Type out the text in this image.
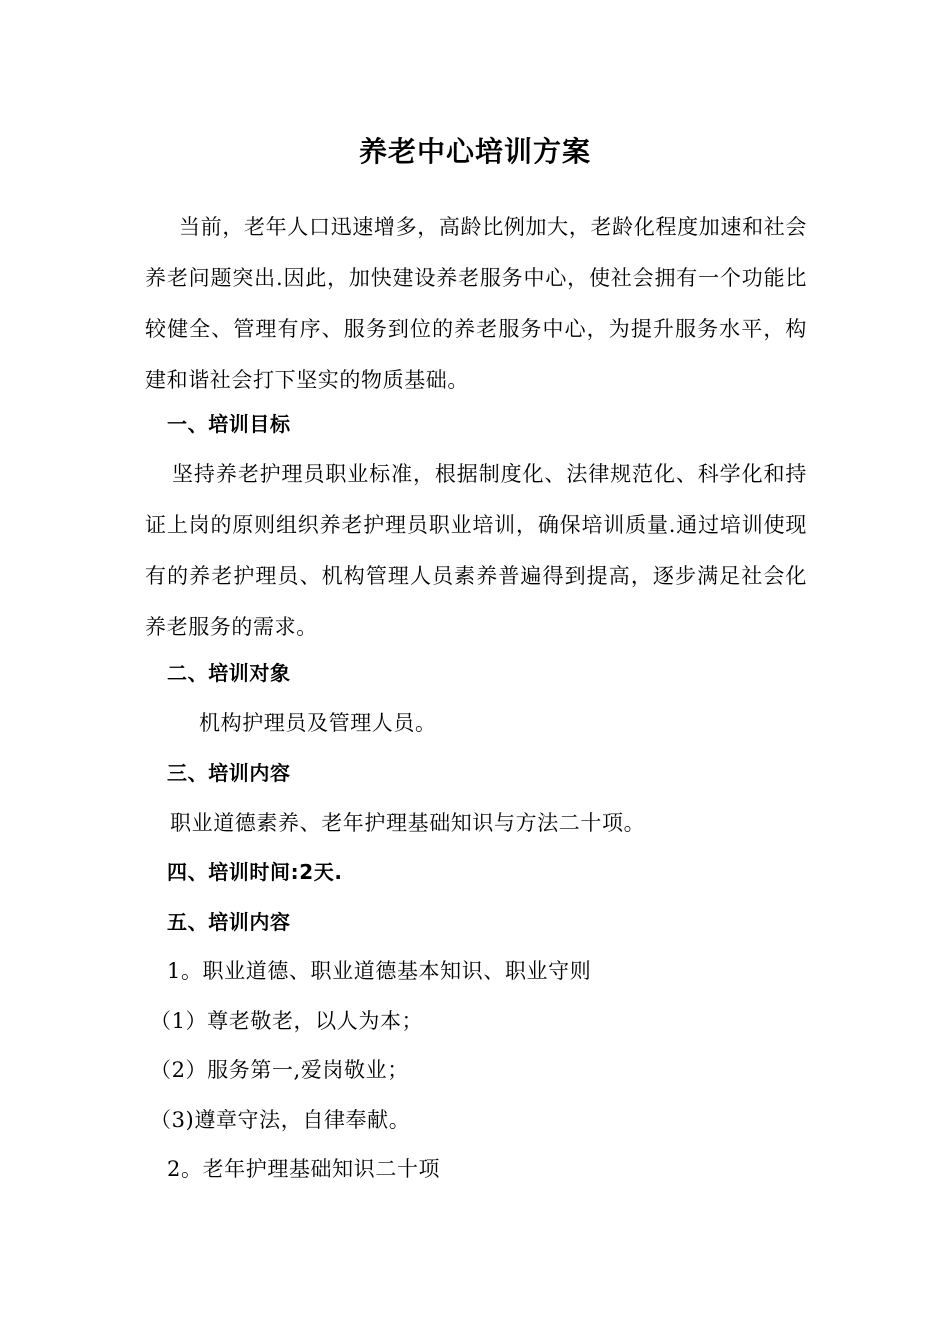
养老中心培训方案
当前，老年人口迅速增多，高龄比例加大，老龄化程度加速和社会养老问题突出.因此，加快建设养老服务中心，使社会拥有一个功能比较健全、管理有序、服务到位的养老服务中心，为提升服务水平，构建和谐社会打下坚实的物质基础。
一、培训目标
坚持养老护理员职业标准，根据制度化、法律规范化、科学化和持证上岗的原则组织养老护理员职业培训，确保培训质量.通过培训使现有的养老护理员、机构管理人员素养普遍得到提高，逐步满足社会化养老服务的需求。
二、培训对象
机构护理员及管理人员。
三、培训内容
职业道德素养、老年护理基础知识与方法二十项。
四、培训时间:2天.
五、培训内容
1。职业道德、职业道德基本知识、职业守则
（1）尊老敬老，以人为本；
（2）服务第一,爱岗敬业；
（3)遵章守法，自律奉献。
2。老年护理基础知识二十项
